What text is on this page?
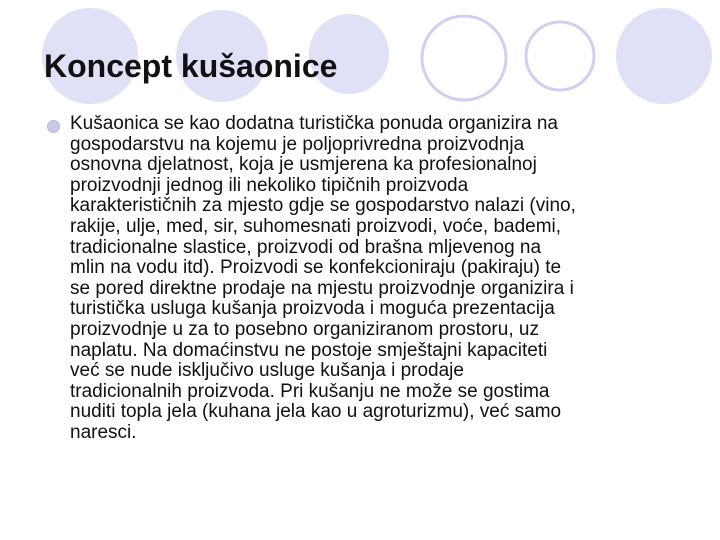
Koncept kušaonice

Kušaonica se kao dodatna turistička ponuda organizira na
gospodarstvu na kojemu je poljoprivredna proizvodnja
osnovna djelatnost, koja je usmjerena ka profesionalnoj
proizvodnji jednog ili nekoliko tipičnih proizvoda
karakterističnih za mjesto gdje se gospodarstvo nalazi (vino,
rakije, ulje, med, sir, suhomesnati proizvodi, voće, bademi,
tradicionalne slastice, proizvodi od brašna mljevenog na
mlin na vodu itd). Proizvodi se konfekcioniraju (pakiraju) te
se pored direktne prodaje na mjestu proizvodnje organizira i
turistička usluga kušanja proizvoda i moguća prezentacija
proizvodnje u za to posebno organiziranom prostoru, uz
naplatu. Na domaćinstvu ne postoje smještajni kapaciteti
već se nude isključivo usluge kušanja i prodaje
tradicionalnih proizvoda. Pri kušanju ne može se gostima
nuditi topla jela (kuhana jela kao u agroturizmu), već samo
naresci.
